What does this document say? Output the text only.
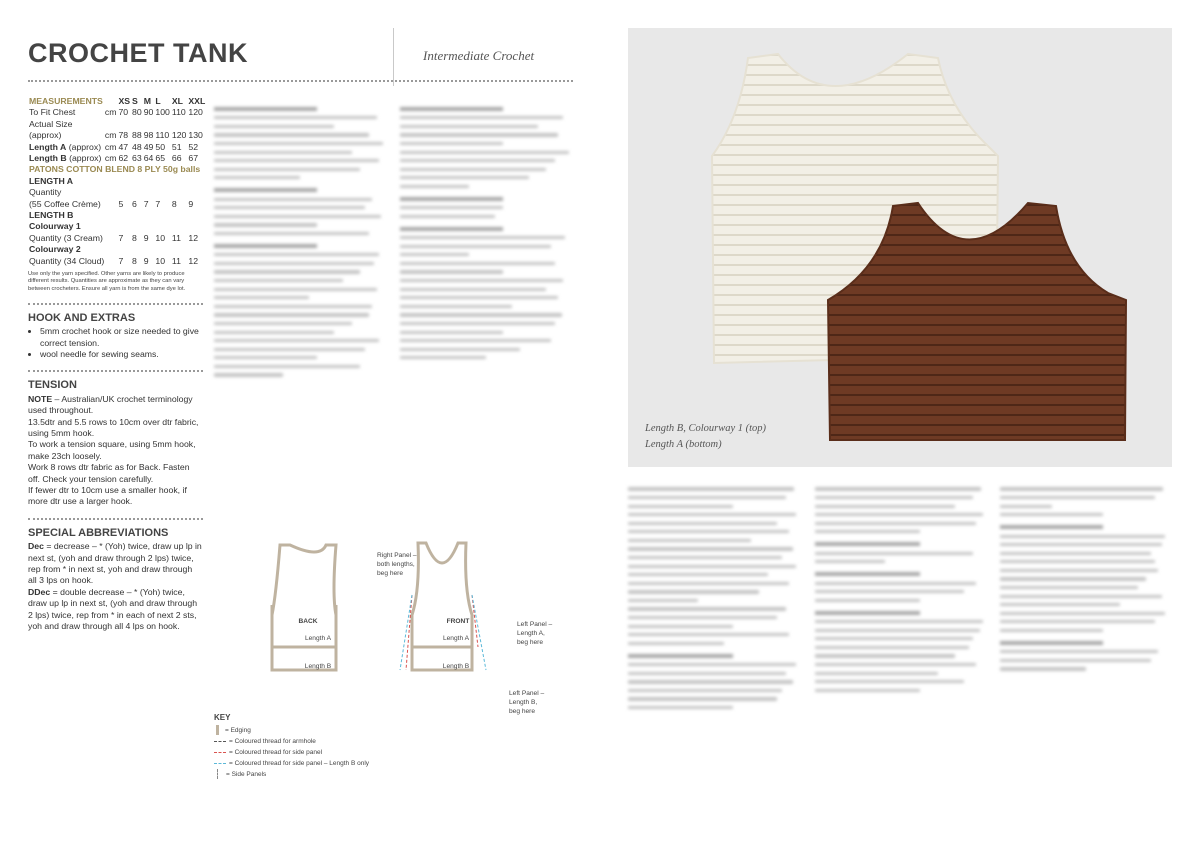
CROCHET TANK	Intermediate Crochet
MEASUREMENTS		XS	S	M	L	XL	XXL
To Fit Chest	cm	70	80	90	100	110	120
Actual Size							
(approx)	cm	78	88	98	110	120	130
Length A (approx)	cm	47	48	49	50	51	52
Length B (approx)	cm	62	63	64	65	66	67
PATONS COTTON BLEND 8 PLY 50g balls							
LENGTH A							
Quantity							
(55 Coffee Crème)		5	6	7	7	8	9
LENGTH B							
Colourway 1							
Quantity (3 Cream)		7	8	9	10	11	12
Colourway 2							
Quantity (34 Cloud)		7	8	9	10	11	12
Use only the yarn specified. Other yarns are likely to produce different results. Quantities are approximate as they can vary between crocheters. Ensure all yarn is from the same dye lot.
HOOK AND EXTRAS
• 5mm crochet hook or size needed to give correct tension.
• wool needle for sewing seams.
TENSION

NOTE – Australian/UK crochet terminology used throughout.

13.5dtr and 5.5 rows to 10cm over dtr fabric, using 5mm hook.

To work a tension square, using 5mm hook, make 23ch loosely.

Work 8 rows dtr fabric as for Back. Fasten off. Check your tension carefully.

If fewer dtr to 10cm use a smaller hook, if more dtr use a larger hook.

SPECIAL ABBREVIATIONS

Dec = decrease – * (Yoh) twice, draw up lp in next st, (yoh and draw through 2 lps) twice, rep from * in next st, yoh and draw through all 3 lps on hook.

DDec = double decrease – * (Yoh) twice, draw up lp in next st, (yoh and draw through 2 lps) twice, rep from * in each of next 2 sts, yoh and draw through all 4 lps on hook.	BACK
Length A
Length B
FRONT
Length A
Length B
Right Panel –
both lengths,
beg here
Left Panel –
Length A,
beg here
Left Panel –
Length B,
beg here
KEY
= Edging
= Coloured thread for armhole
= Coloured thread for side panel
= Coloured thread for side panel – Length B only
= Side Panels
Length B, Colourway 1 (top)
Length A (bottom)
